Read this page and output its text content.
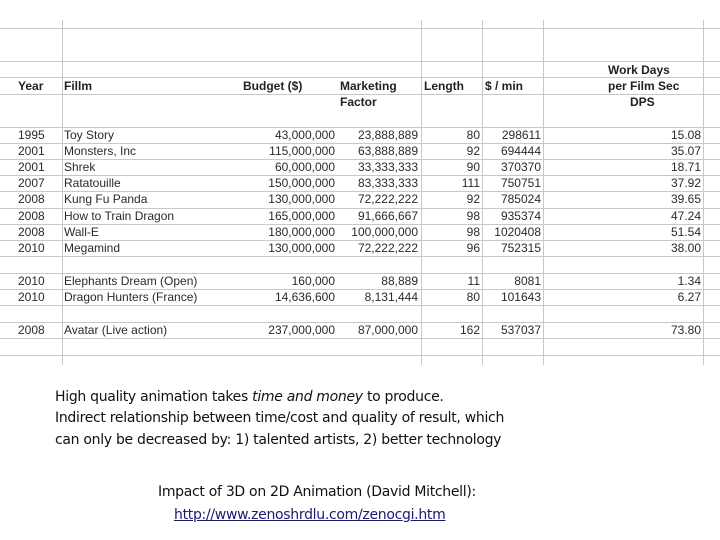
Work Days
Year Fillm	Budget ($)	Marketing
Factor
Length $ / min	per Film Sec
DPS
1995 Toy Story	43,000,000 23,888,889	80 298611	15.08
2001 Monsters, Inc	115,000,000 63,888,889	92 694444	35.07
2001 Shrek	60,000,000 33,333,333	90 370370	18.71
2007 Ratatouille	150,000,000 83,333,333	111 750751	37.92
2008 Kung Fu Panda	130,000,000 72,222,222	92 785024	39.65
2008 How to Train Dragon	165,000,000 91,666,667	98 935374	47.24
2008 Wall-E	180,000,000 100,000,000	98 1020408	51.54
2010 Megamind	130,000,000 72,222,222	96 752315	38.00
2010 Elephants Dream (Open)	160,000	88,889	11	8081	1.34
2010 Dragon Hunters (France)	14,636,600 8,131,444	80 101643	6.27
2008 Avatar (Live action)	237,000,000 87,000,000	162 537037	73.80
High quality animation takes time and money to produce.
Indirect relationship between time/cost and quality of result, which
can only be decreased by: 1) talented artists, 2) better technology
Impact of 3D on 2D Animation (David Mitchell):
http://www.zenoshrdlu.com/zenocgi.htm
